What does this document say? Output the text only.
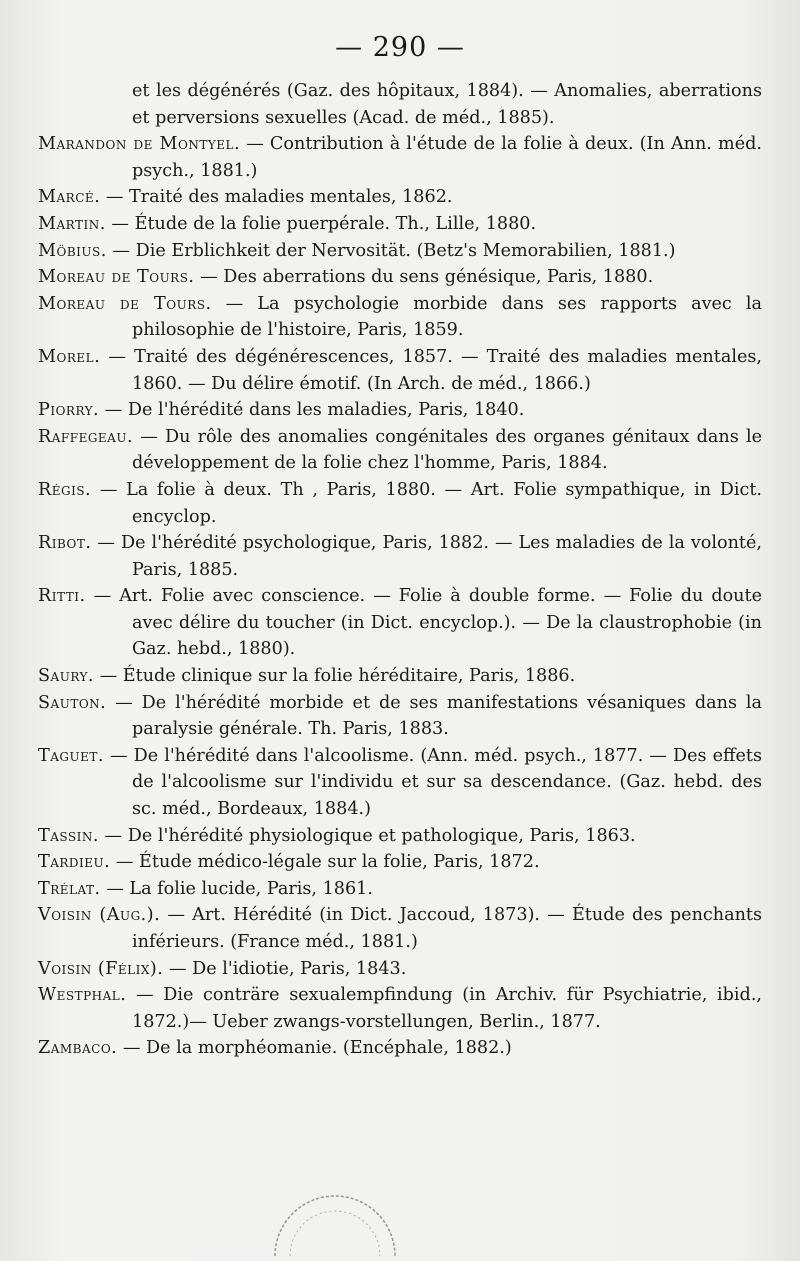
— 290 —

et les dégénérés (Gaz. des hôpitaux, 1884). — Anomalies, aberrations et perversions sexuelles (Acad. de méd., 1885).

Marandon de Montyel. — Contribution à l'étude de la folie à deux. (In Ann. méd. psych., 1881.)

Marcé. — Traité des maladies mentales, 1862.

Martin. — Étude de la folie puerpérale. Th., Lille, 1880.

Möbius. — Die Erblichkeit der Nervosität. (Betz's Memorabilien, 1881.)

Moreau de Tours. — Des aberrations du sens génésique, Paris, 1880.

Moreau de Tours. — La psychologie morbide dans ses rapports avec la philosophie de l'histoire, Paris, 1859.

Morel. — Traité des dégénérescences, 1857. — Traité des maladies mentales, 1860. — Du délire émotif. (In Arch. de méd., 1866.)

Piorry. — De l'hérédité dans les maladies, Paris, 1840.

Raffegeau. — Du rôle des anomalies congénitales des organes génitaux dans le développement de la folie chez l'homme, Paris, 1884.

Régis. — La folie à deux. Th , Paris, 1880. — Art. Folie sympathique, in Dict. encyclop.

Ribot. — De l'hérédité psychologique, Paris, 1882. — Les maladies de la volonté, Paris, 1885.

Ritti. — Art. Folie avec conscience. — Folie à double forme. — Folie du doute avec délire du toucher (in Dict. encyclop.). — De la claustrophobie (in Gaz. hebd., 1880).

Saury. — Étude clinique sur la folie héréditaire, Paris, 1886.

Sauton. — De l'hérédité morbide et de ses manifestations vésaniques dans la paralysie générale. Th. Paris, 1883.

Taguet. — De l'hérédité dans l'alcoolisme. (Ann. méd. psych., 1877. — Des effets de l'alcoolisme sur l'individu et sur sa descendance. (Gaz. hebd. des sc. méd., Bordeaux, 1884.)

Tassin. — De l'hérédité physiologique et pathologique, Paris, 1863.

Tardieu. — Étude médico-légale sur la folie, Paris, 1872.

Trélat. — La folie lucide, Paris, 1861.

Voisin (Aug.). — Art. Hérédité (in Dict. Jaccoud, 1873). — Étude des penchants inférieurs. (France méd., 1881.)

Voisin (Félix). — De l'idiotie, Paris, 1843.

Westphal. — Die conträre sexualempfindung (in Archiv. für Psychiatrie, ibid., 1872.)— Ueber zwangs-vorstellungen, Berlin., 1877.

Zambaco. — De la morphéomanie. (Encéphale, 1882.)
